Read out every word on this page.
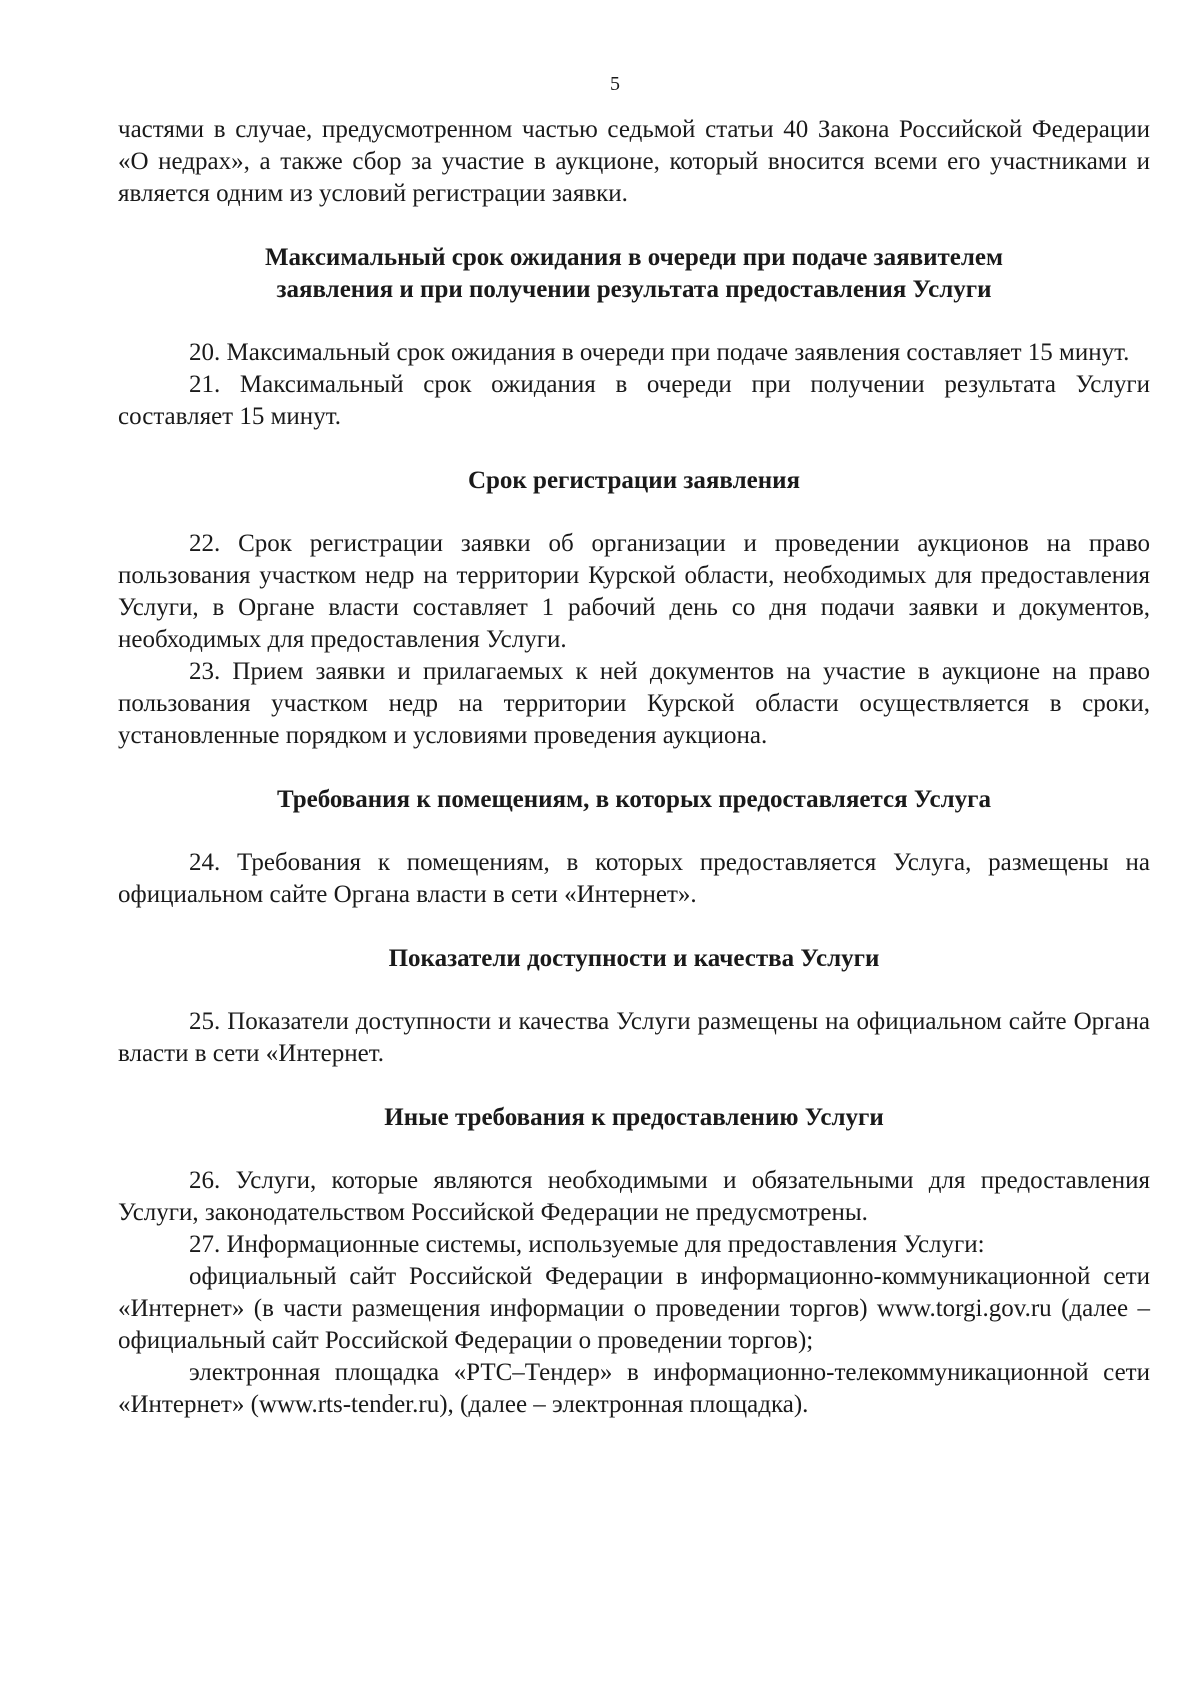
5

частями в случае, предусмотренном частью седьмой статьи 40 Закона Российской Федерации «О недрах», а также сбор за участие в аукционе, который вносится всеми его участниками и является одним из условий регистрации заявки.

Максимальный срок ожидания в очереди при подаче заявителем
заявления и при получении результата предоставления Услуги

20. Максимальный срок ожидания в очереди при подаче заявления составляет 15 минут.

21. Максимальный срок ожидания в очереди при получении результата Услуги составляет 15 минут.

Срок регистрации заявления

22. Срок регистрации заявки об организации и проведении аукционов на право пользования участком недр на территории Курской области, необходимых для предоставления Услуги, в Органе власти составляет 1 рабочий день со дня подачи заявки и документов, необходимых для предоставления Услуги.

23. Прием заявки и прилагаемых к ней документов на участие в аукционе на право пользования участком недр на территории Курской области осуществляется в сроки, установленные порядком и условиями проведения аукциона.

Требования к помещениям, в которых предоставляется Услуга

24. Требования к помещениям, в которых предоставляется Услуга, размещены на официальном сайте Органа власти в сети «Интернет».

Показатели доступности и качества Услуги

25. Показатели доступности и качества Услуги размещены на официальном сайте Органа власти в сети «Интернет.

Иные требования к предоставлению Услуги

26. Услуги, которые являются необходимыми и обязательными для предоставления Услуги, законодательством Российской Федерации не предусмотрены.

27. Информационные системы, используемые для предоставления Услуги:

официальный сайт Российской Федерации в информационно-коммуникационной сети «Интернет» (в части размещения информации о проведении торгов) www.torgi.gov.ru (далее – официальный сайт Российской Федерации о проведении торгов);

электронная площадка «РТС–Тендер» в информационно-телекоммуникационной сети «Интернет» (www.rts-tender.ru), (далее – электронная площадка).
